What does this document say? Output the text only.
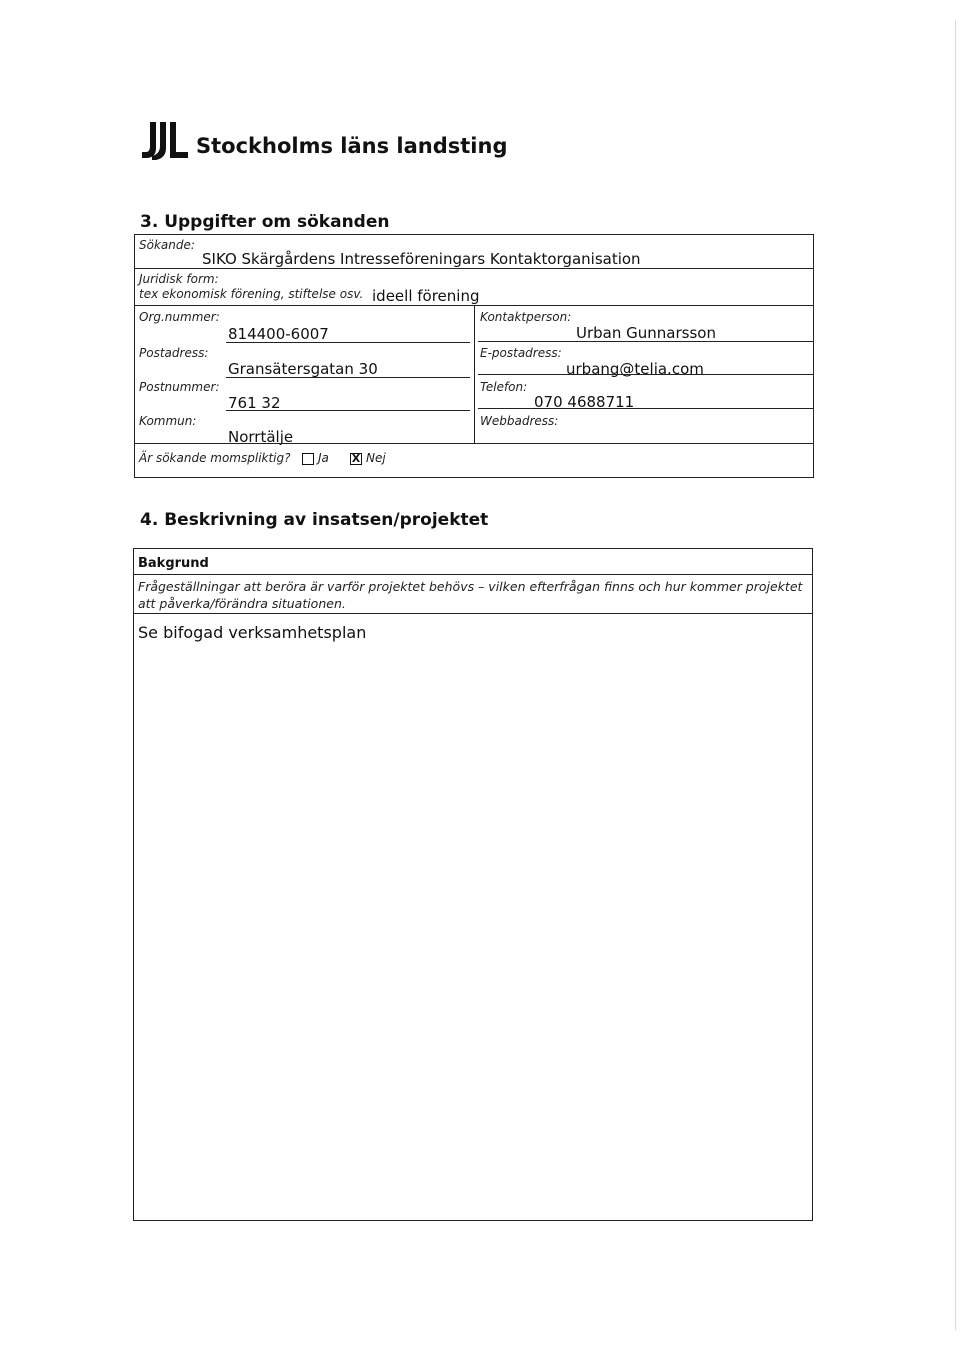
Stockholms läns landsting
3. Uppgifter om sökanden
Sökande:
SIKO Skärgårdens Intresseföreningars Kontaktorganisation
Juridisk form:
tex ekonomisk förening, stiftelse osv. ideell förening
Org.nummer:
814400-6007
Kontaktperson:
Urban Gunnarsson
Postadress:
Gransätersgatan 30
E-postadress:
urbang@telia.com
Postnummer:
761 32
Telefon:
070 4688711
Kommun:
Norrtälje
Webbadress:
Är sökande momspliktig? Ja X Nej
4. Beskrivning av insatsen/projektet
Bakgrund
Frågeställningar att beröra är varför projektet behövs – vilken efterfrågan finns och hur kommer projektet att påverka/förändra situationen.
Se bifogad verksamhetsplan
